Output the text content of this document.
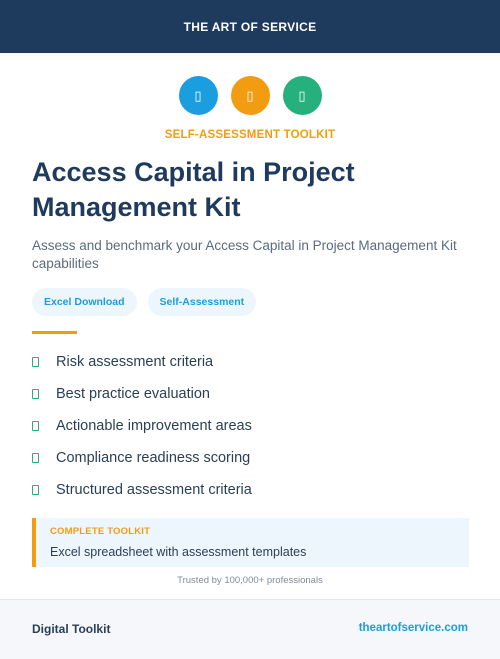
THE ART OF SERVICE
▯	▯	▯
SELF-ASSESSMENT TOOLKIT
Access Capital in Project
Management Kit
Assess and benchmark your Access Capital in Project Management Kit capabilities
Excel Download	Self-Assessment
Risk assessment criteria
Best practice evaluation
Actionable improvement areas
Compliance readiness scoring
Structured assessment criteria
COMPLETE TOOLKIT
Excel spreadsheet with assessment templates
Trusted by 100,000+ professionals
Digital Toolkit	theartofservice.com
